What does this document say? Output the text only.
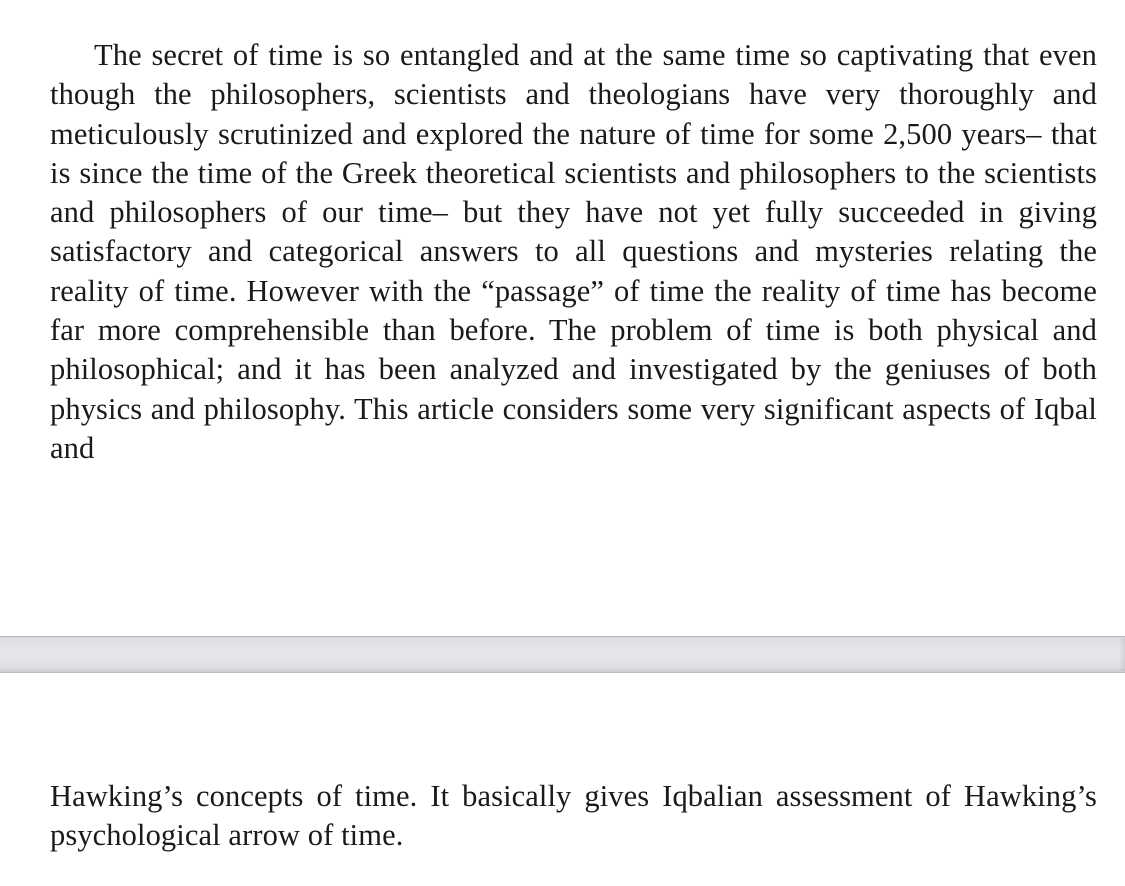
The secret of time is so entangled and at the same time so captivating that even though the philosophers, scientists and theologians have very thoroughly and meticulously scrutinized and explored the nature of time for some 2,500 years– that is since the time of the Greek theoretical scientists and philosophers to the scientists and philosophers of our time– but they have not yet fully succeeded in giving satisfactory and categorical answers to all questions and mysteries relating the reality of time. However with the “passage” of time the reality of time has become far more comprehensible than before. The problem of time is both physical and philosophical; and it has been analyzed and investigated by the geniuses of both physics and philosophy. This article considers some very significant aspects of Iqbal and

Hawking’s concepts of time. It basically gives Iqbalian assessment of Hawking’s psychological arrow of time.
